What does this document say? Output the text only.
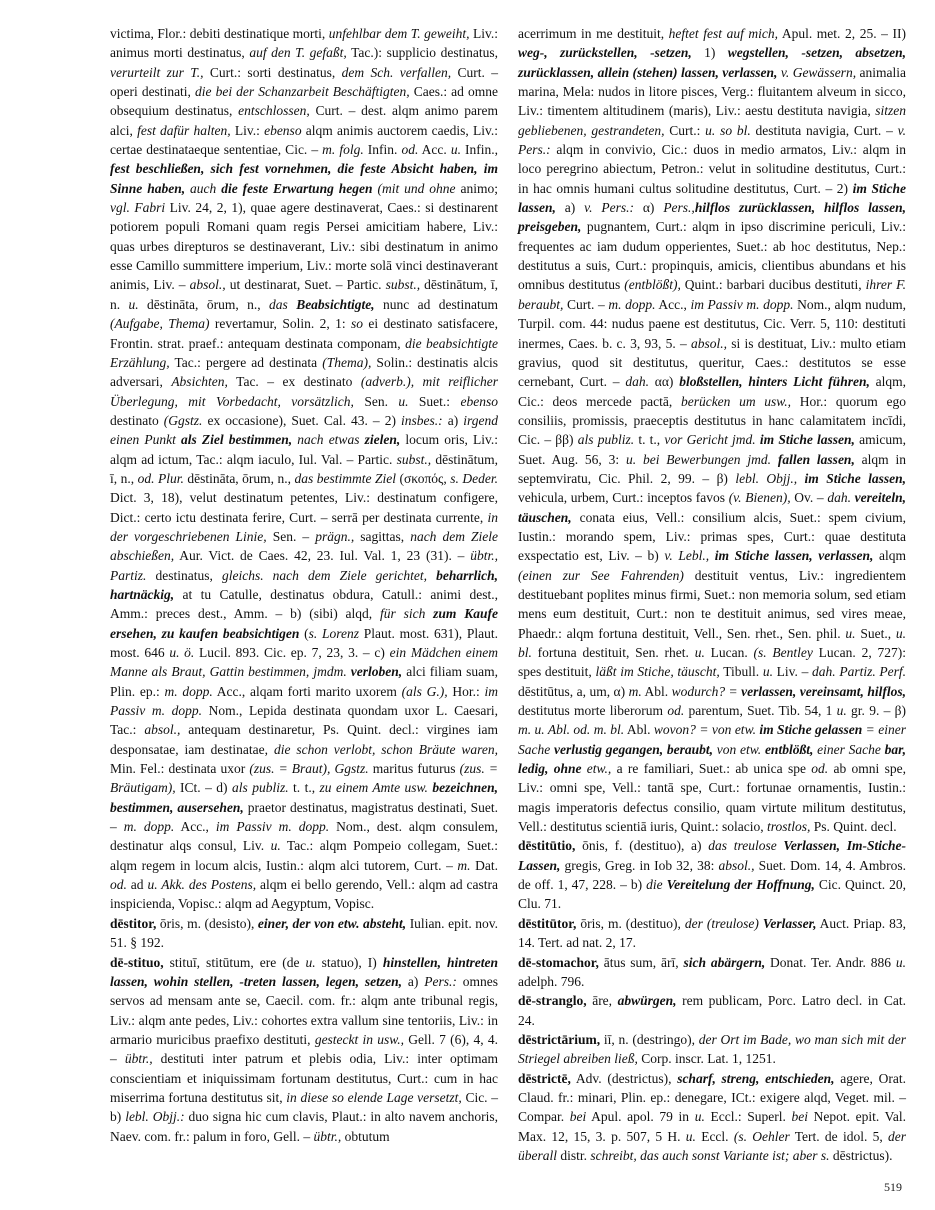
victima, Flor.: debiti destinatique morti, unfehlbar dem T. geweiht, Liv.: animus morti destinatus, auf den T. gefaßt, Tac.): supplicio destinatus, verurteilt zur T., Curt.: sorti destinatus, dem Sch. verfallen, Curt. – operi destinati, die bei der Schanzarbeit Beschäftigten, Caes.: ad omne obsequium destinatus, entschlossen, Curt. – dest. alqm animo parem alci, fest dafür halten, Liv.: ebenso alqm animis auctorem caedis, Liv.: certae destinataeque sententiae, Cic. – m. folg. Infin. od. Acc. u. Infin., fest beschließen, sich fest vornehmen, die feste Absicht haben, im Sinne haben, auch die feste Erwartung hegen (mit und ohne animo; vgl. Fabri Liv. 24, 2, 1), quae agere destinaverat, Caes.: si destinarent potiorem populi Romani quam regis Persei amicitiam habere, Liv.: quas urbes direpturos se destinaverant, Liv.: sibi destinatum in animo esse Camillo summittere imperium, Liv.: morte solā vinci destinaverant animis, Liv. – absol., ut destinarat, Suet. – Partic. subst., dēstinātum, ī, n. u. dēstināta, ōrum, n., das Beabsichtigte, nunc ad destinatum (Aufgabe, Thema) revertamur, Solin. 2, 1: so ei destinato satisfacere, Frontin. strat. praef.: antequam destinata componam, die beabsichtigte Erzählung, Tac.: pergere ad destinata (Thema), Solin.: destinatis alcis adversari, Absichten, Tac. – ex destinato (adverb.), mit reiflicher Überlegung, mit Vorbedacht, vorsätzlich, Sen. u. Suet.: ebenso destinato (Ggstz. ex occasione), Suet. Cal. 43. – 2) insbes.: a) irgend einen Punkt als Ziel bestimmen, nach etwas zielen, locum oris, Liv.: alqm ad ictum, Tac.: alqm iaculo, Iul. Val. – Partic. subst., dēstinātum, ī, n., od. Plur. dēstināta, ōrum, n., das bestimmte Ziel (σκοπός, s. Deder. Dict. 3, 18), velut destinatum petentes, Liv.: destinatum configere, Dict.: certo ictu destinata ferire, Curt. – serrā per destinata currente, in der vorgeschriebenen Linie, Sen. – prägn., sagittas, nach dem Ziele abschießen, Aur. Vict. de Caes. 42, 23. Iul. Val. 1, 23 (31). – übtr., Partiz. destinatus, gleichs. nach dem Ziele gerichtet, beharrlich, hartnäckig, at tu Catulle, destinatus obdura, Catull.: animi dest., Amm.: preces dest., Amm. – b) (sibi) alqd, für sich zum Kaufe ersehen, zu kaufen beabsichtigen (s. Lorenz Plaut. most. 631), Plaut. most. 646 u. ö. Lucil. 893. Cic. ep. 7, 23, 3. – c) ein Mädchen einem Manne als Braut, Gattin bestimmen, jmdm. verloben, alci filiam suam, Plin. ep.: m. dopp. Acc., alqam forti marito uxorem (als G.), Hor.: im Passiv m. dopp. Nom., Lepida destinata quondam uxor L. Caesari, Tac.: absol., antequam destinaretur, Ps. Quint. decl.: virgines iam desponsatae, iam destinatae, die schon verlobt, schon Bräute waren, Min. Fel.: destinata uxor (zus. = Braut), Ggstz. maritus futurus (zus. = Bräutigam), ICt. – d) als publiz. t. t., zu einem Amte usw. bezeichnen, bestimmen, ausersehen, praetor destinatus, magistratus destinati, Suet. – m. dopp. Acc., im Passiv m. dopp. Nom., dest. alqm consulem, destinatur alqs consul, Liv. u. Tac.: alqm Pompeio collegam, Suet.: alqm regem in locum alcis, Iustin.: alqm alci tutorem, Curt. – m. Dat. od. ad u. Akk. des Postens, alqm ei bello gerendo, Vell.: alqm ad castra inspicienda, Vopisc.: alqm ad Aegyptum, Vopisc.
dēstitor, ōris, m. (desisto), einer, der von etw. absteht, Iulian. epit. nov. 51. § 192.
dē-stituo, stituī, stitūtum, ere (de u. statuo), I) hinstellen, hintreten lassen, wohin stellen, -treten lassen, legen, setzen, a) Pers.: omnes servos ad mensam ante se, Caecil. com. fr.: alqm ante tribunal regis, Liv.: alqm ante pedes, Liv.: cohortes extra vallum sine tentoriis, Liv.: in armario muricibus praefixo destituti, gesteckt in usw., Gell. 7 (6), 4, 4. – übtr., destituti inter patrum et plebis odia, Liv.: inter optimam conscientiam et iniquissimam fortunam destitutus, Curt.: cum in hac miserrima fortuna destitutus sit, in diese so elende Lage versetzt, Cic. – b) lebl. Objj.: duo signa hic cum clavis, Plaut.: in alto navem anchoris, Naev. com. fr.: palum in foro, Gell. – übtr., obtutum
acerrimum in me destituit, heftet fest auf mich, Apul. met. 2, 25. – II) weg-, zurückstellen, -setzen, 1) wegstellen, -setzen, absetzen, zurücklassen, allein (stehen) lassen, verlassen, v. Gewässern, animalia marina, Mela: nudos in litore pisces, Verg.: fluitantem alveum in sicco, Liv.: timentem altitudinem (maris), Liv.: aestu destituta navigia, sitzen gebliebenen, gestrandeten, Curt.: u. so bl. destituta navigia, Curt. – v. Pers.: alqm in convivio, Cic.: duos in medio armatos, Liv.: alqm in loco peregrino abiectum, Petron.: velut in solitudine destitutus, Curt.: in hac omnis humani cultus solitudine destitutus, Curt. – 2) im Stiche lassen, a) v. Pers.: α) Pers.,hilflos zurücklassen, hilflos lassen, preisgeben, pugnantem, Curt.: alqm in ipso discrimine periculi, Liv.: frequentes ac iam dudum opperientes, Suet.: ab hoc destitutus, Nep.: destitutus a suis, Curt.: propinquis, amicis, clientibus abundans et his omnibus destitutus (entblößt), Quint.: barbari ducibus destituti, ihrer F. beraubt, Curt. – m. dopp. Acc., im Passiv m. dopp. Nom., alqm nudum, Turpil. com. 44: nudus paene est destitutus, Cic. Verr. 5, 110: destituti inermes, Caes. b. c. 3, 93, 5. – absol., si is destituat, Liv.: multo etiam gravius, quod sit destitutus, queritur, Caes.: destitutos se esse cernebant, Curt. – dah. αα) bloßstellen, hinters Licht führen, alqm, Cic.: deos mercede pactā, berücken um usw., Hor.: quorum ego consiliis, promissis, praeceptis destitutus in hanc calamitatem incīdi, Cic. – ββ) als publiz. t. t., vor Gericht jmd. im Stiche lassen, amicum, Suet. Aug. 56, 3: u. bei Bewerbungen jmd. fallen lassen, alqm in septemviratu, Cic. Phil. 2, 99. – β) lebl. Objj., im Stiche lassen, vehicula, urbem, Curt.: inceptos favos (v. Bienen), Ov. – dah. vereiteln, täuschen, conata eius, Vell.: consilium alcis, Suet.: spem civium, Iustin.: morando spem, Liv.: primas spes, Curt.: quae destituta exspectatio est, Liv. – b) v. Lebl., im Stiche lassen, verlassen, alqm (einen zur See Fahrenden) destituit ventus, Liv.: ingredientem destituebant poplites minus firmi, Suet.: non memoria solum, sed etiam mens eum destituit, Curt.: non te destituit animus, sed vires meae, Phaedr.: alqm fortuna destituit, Vell., Sen. rhet., Sen. phil. u. Suet., u. bl. fortuna destituit, Sen. rhet. u. Lucan. (s. Bentley Lucan. 2, 727): spes destituit, läßt im Stiche, täuscht, Tibull. u. Liv. – dah. Partiz. Perf. dēstitūtus, a, um, α) m. Abl. wodurch? = verlassen, vereinsamt, hilflos, destitutus morte liberorum od. parentum, Suet. Tib. 54, 1 u. gr. 9. – β) m. u. Abl. od. m. bl. Abl. wovon? = von etw. im Stiche gelassen = einer Sache verlustig gegangen, beraubt, von etw. entblößt, einer Sache bar, ledig, ohne etw., a re familiari, Suet.: ab unica spe od. ab omni spe, Liv.: omni spe, Vell.: tantā spe, Curt.: fortunae ornamentis, Iustin.: magis imperatoris defectus consilio, quam virtute militum destitutus, Vell.: destitutus scientiā iuris, Quint.: solacio, trostlos, Ps. Quint. decl.
dēstitūtio, ōnis, f. (destituo), a) das treulose Verlassen, Im-Stiche-Lassen, gregis, Greg. in Iob 32, 38: absol., Suet. Dom. 14, 4. Ambros. de off. 1, 47, 228. – b) die Vereitelung der Hoffnung, Cic. Quinct. 20, Clu. 71.
dēstitūtor, ōris, m. (destituo), der (treulose) Verlasser, Auct. Priap. 83, 14. Tert. ad nat. 2, 17.
dē-stomachor, ātus sum, ārī, sich abärgern, Donat. Ter. Andr. 886 u. adelph. 796.
dē-stranglo, āre, abwürgen, rem publicam, Porc. Latro decl. in Cat. 24.
dēstrictārium, iī, n. (destringo), der Ort im Bade, wo man sich mit der Striegel abreiben ließ, Corp. inscr. Lat. 1, 1251.
dēstrictē, Adv. (destrictus), scharf, streng, entschieden, agere, Orat. Claud. fr.: minari, Plin. ep.: denegare, ICt.: exigere alqd, Veget. mil. – Compar. bei Apul. apol. 79 in u. Eccl.: Superl. bei Nepot. epit. Val. Max. 12, 15, 3. p. 507, 5 H. u. Eccl. (s. Oehler Tert. de idol. 5, der überall distr. schreibt, das auch sonst Variante ist; aber s. dēstrictus).
519
